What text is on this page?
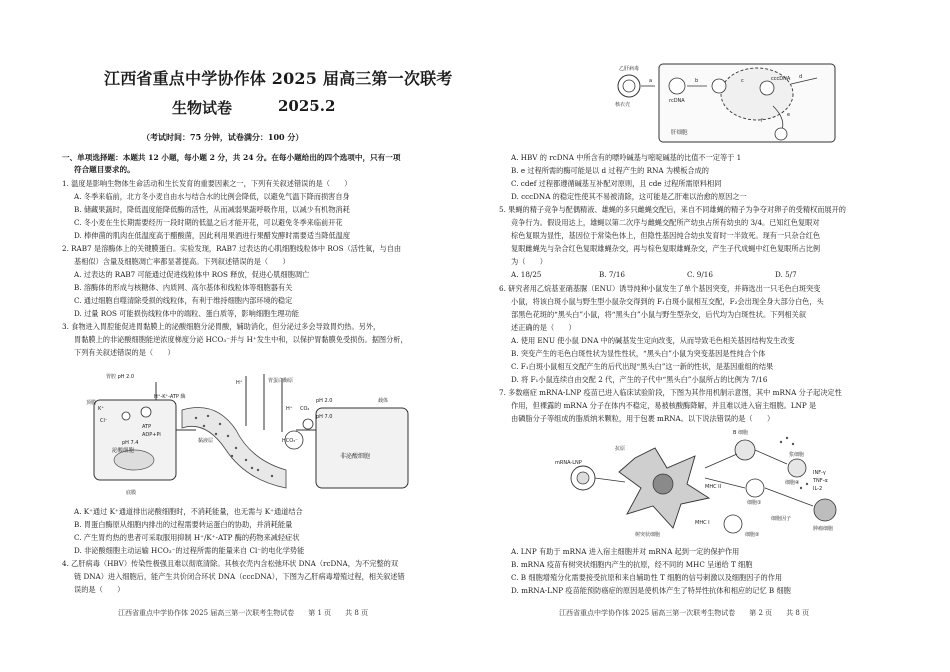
江西省重点中学协作体 2025 届高三第一次联考
生物试卷	2025.2
（考试时间：75 分钟，试卷满分：100 分）
一、单项选择题：本题共 12 小题，每小题 2 分，共 24 分。在每小题给出的四个选项中，只有一项
符合题目要求的。
1. 温度是影响生物体生命活动和生长发育的重要因素之一，下列有关叙述错误的是（　　）
A. 冬季来临前，北方冬小麦自由水与结合水的比例会降低，以避免气温下降而损害自身
B. 储藏果蔬时，降低温度能降低酶的活性，从而减弱果蔬呼吸作用，以减少有机物消耗
C. 冬小麦在生长期需要经历一段时期的低温之后才能开花，可以避免冬季来临前开花
D. 棒伸菌的肌肉在低温度高于醋酸菌，因此利用果酒进行果醋发酵时需要适当降低温度
2. RAB7 是溶酶体上的关键膜蛋白。实验发现，RAB7 过表达的心肌细胞线粒体中 ROS（活性氧，与自由
基相似）含量及细胞凋亡率都显著提高。下列叙述错误的是（　　）
A. 过表达的 RAB7 可能通过促进线粒体中 ROS 释放，促进心肌细胞凋亡
B. 溶酶体的形成与核糖体、内质网、高尔基体和线粒体等细胞器有关
C. 通过细胞自噬清除受损的线粒体，有利于维持细胞内部环境的稳定
D. 过量 ROS 可能损伤线粒体中的端粒、蛋白质等，影响细胞生理功能
3. 食物进入胃腔能促进胃黏膜上的泌酸细胞分泌胃酸，辅助消化，但分泌过多会导致胃灼热。另外，
胃黏膜上的非泌酸细胞能逆浓度梯度分泌 HCO₃⁻并与 H⁺发生中和，以保护胃黏膜免受损伤。据图分析，
下列有关叙述错误的是（　　）
胃腔 pH 2.0
H⁺-K⁺-ATP 酶
H⁺	胃蛋白酶原
K⁺
Cl⁻
ATP
ADP+Pi
黏液层
H⁺ CO₂
HCO₃⁻
pH 2.0	载体
pH 7.0
泌酸细胞
非泌酸细胞
顶膜
底膜
pH 7.4
A. K⁺通过 K⁺通道排出泌酸细胞时，不消耗能量，也无需与 K⁺通道结合
B. 胃蛋白酶原从细胞内排出的过程需要转运蛋白的协助，并消耗能量
C. 产生胃灼热的患者可采取服用抑制 H⁺/K⁺-ATP 酶的药物来减轻症状
D. 非泌酸细胞主动运输 HCO₃⁻的过程所需的能量来自 Cl⁻的电化学势能
4. 乙肝病毒（HBV）传染性极强且难以彻底清除。其核衣壳内含松弛环状 DNA（rcDNA，为不完整的双
链 DNA）进入细胞后，能产生共价闭合环状 DNA（cccDNA），下图为乙肝病毒增殖过程，相关叙述错
误的是（　　）
江西省重点中学协作体 2025 届高三第一次联考生物试卷　　第 1 页　　共 8 页
乙肝病毒
核衣壳
rcDNA
cccDNA
肝细胞
a	b	c
d
e
f
A. HBV 的 rcDNA 中所含有的嘌呤碱基与嘧啶碱基的比值不一定等于 1
B. e 过程所需的酶可能是以 d 过程产生的 RNA 为模板合成的
C. cdef 过程都遵循碱基互补配对原则，且 cde 过程所需原料相同
D. cccDNA 的稳定性使其不易被清除，这可能是乙肝难以治愈的原因之一
5. 果蝇的精子竞争与配偶精液、雄蝇的多只雌蝇交配后，来自不同雄蝇的精子为争夺对卵子的受精权而展开的
竞争行为。假设用达上，雄蝇以第二次序与雌蝇交配所产幼虫占所有幼虫的 3/4。已知红色复眼对
棕色复眼为显性，基因位于常染色体上，但隐性基因纯合幼虫发育时一半致死。现有一只杂合红色
复眼雌蝇先与杂合红色复眼雄蝇杂交，再与棕色复眼雄蝇杂交，产生子代成蝇中红色复眼所占比例
为（　　）
A. 18/25	B. 7/16	C. 9/16	D. 5/7
6. 研究者用乙烷基亚硝基脲（ENU）诱导纯种小鼠发生了单个基因突变，并筛选出一只毛色白斑突变
小鼠，将该白斑小鼠与野生型小鼠杂交得到的 F₁白斑小鼠相互交配，F₂会出现全身大部分白色，头
部黑色花斑的“黑头白”小鼠，将“黑头白”小鼠与野生型杂交，后代均为白斑性状。下列相关叙
述正确的是（　　）
A. 使用 ENU 使小鼠 DNA 中的碱基发生定向改变，从而导致毛色相关基因结构发生改变
B. 突变产生的毛色白斑性状为显性性状，“黑头白”小鼠为突变基因是性纯合个体
C. F₁白斑小鼠相互交配产生的后代出现“黑头白”这一新的性状，是基因重组的结果
D. 将 F₁小鼠连续自由交配 2 代，产生的子代中“黑头白”小鼠所占的比例为 7/16
7. 多数癌症 mRNA-LNP 疫苗已进入临床试验阶段，下图为其作用机制示意图，其中 mRNA 分子起决定性
作用，但裸露的 mRNA 分子在体内不稳定，易被核酸酶降解，并且难以进入宿主细胞。LNP 是
由磷脂分子等组成的脂质纳米颗粒，用于包裹 mRNA。以下说法错误的是（　　）
mRNA-LNP
抗原
B 细胞
树突状细胞
MHC I
MHC II
细胞①
细胞②
细胞④
浆细胞
细胞因子
肿瘤细胞
INF-γ
TNF-α
IL-2
A. LNP 有助于 mRNA 进入宿主细胞并对 mRNA 起到一定的保护作用
B. mRNA 疫苗有树突状细胞内产生的抗原，经不同的 MHC 呈递给 T 细胞
C. B 细胞增殖分化需要接受抗原和来自辅助性 T 细胞的信号刺激以及细胞因子的作用
D. mRNA-LNP 疫苗能预防癌症的原因是使机体产生了特异性抗体和相应的记忆 B 细胞
江西省重点中学协作体 2025 届高三第一次联考生物试卷　　第 2 页　　共 8 页
